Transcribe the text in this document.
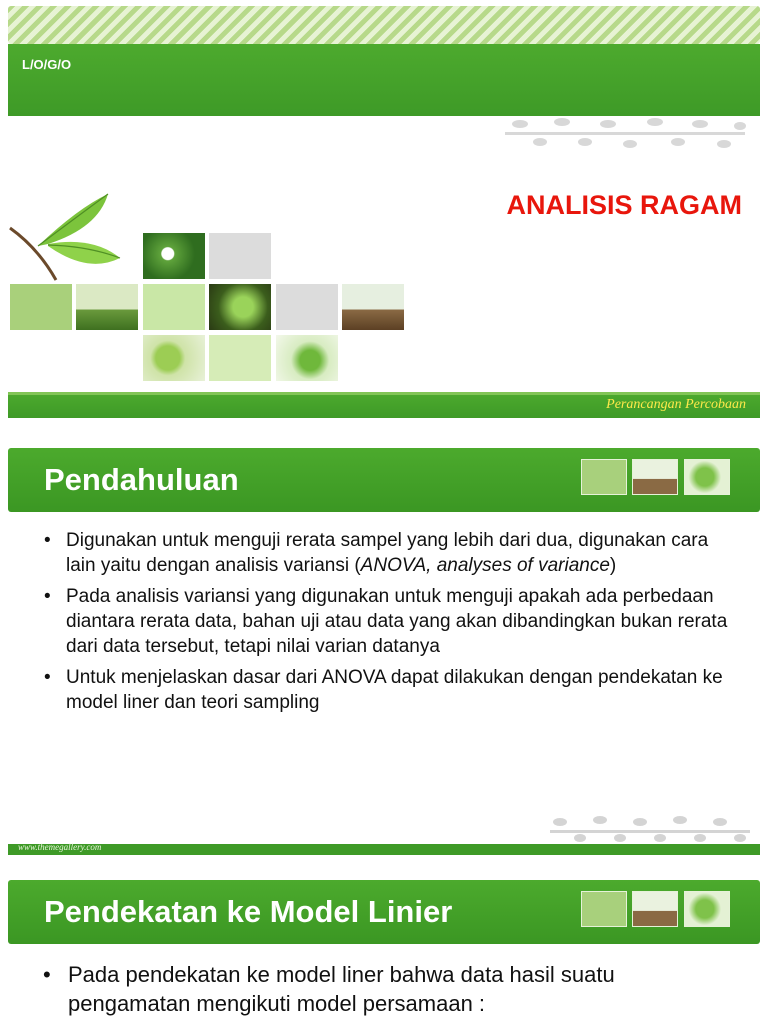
L/O/G/O
ANALISIS RAGAM
Perancangan Percobaan
Pendahuluan
• Digunakan untuk menguji rerata sampel yang lebih dari dua, digunakan cara lain yaitu dengan analisis variansi (ANOVA, analyses of variance)
• Pada analisis variansi yang digunakan untuk menguji apakah ada perbedaan diantara rerata data, bahan uji atau data yang akan dibandingkan bukan rerata dari data tersebut, tetapi nilai varian datanya
• Untuk menjelaskan dasar dari ANOVA dapat dilakukan dengan pendekatan ke model liner dan teori sampling
www.themegallery.com
Pendekatan ke Model Linier
• Pada pendekatan ke model liner bahwa data hasil suatu pengamatan mengikuti model persamaan :
